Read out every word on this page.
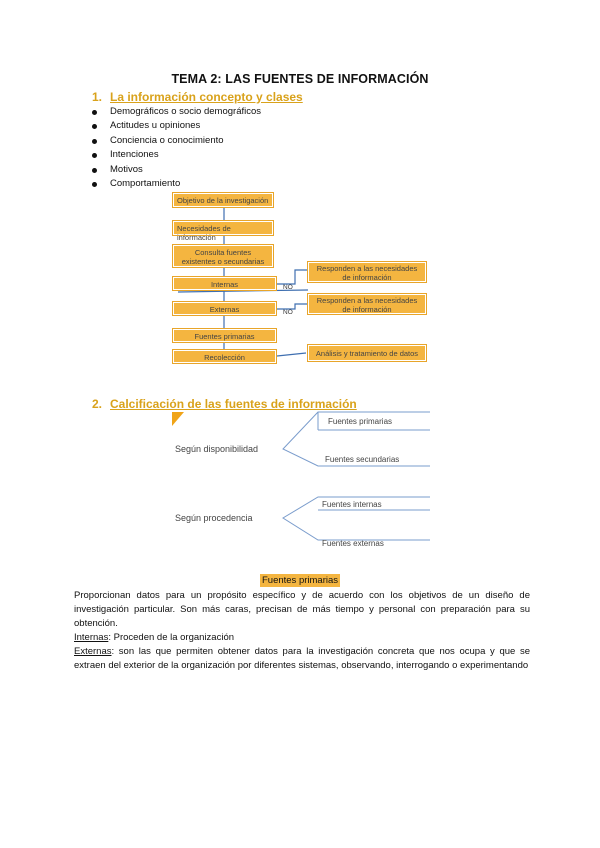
TEMA 2: LAS FUENTES DE INFORMACIÓN
1. La información concepto y clases
Demográficos o socio demográficos
Actitudes u opiniones
Conciencia o conocimiento
Intenciones
Motivos
Comportamiento
Objetivo de la investigación
Necesidades de información
Consulta fuentes existentes o secundarias
Internas
Externas
Fuentes primarias
Recolección
Responden a las necesidades de información
Responden a las necesidades de información
Análisis y tratamiento de datos
NO
NO
2. Calcificación de las fuentes de información
Según disponibilidad
Fuentes primarias
Fuentes secundarias
Según procedencia
Fuentes internas
Fuentes externas
Fuentes primarias
Proporcionan datos para un propósito específico y de acuerdo con los objetivos de un diseño de investigación particular. Son más caras, precisan de más tiempo y personal con preparación para su obtención.
Internas: Proceden de la organización
Externas: son las que permiten obtener datos para la investigación concreta que nos ocupa y que se extraen del exterior de la organización por diferentes sistemas, observando, interrogando o experimentando
